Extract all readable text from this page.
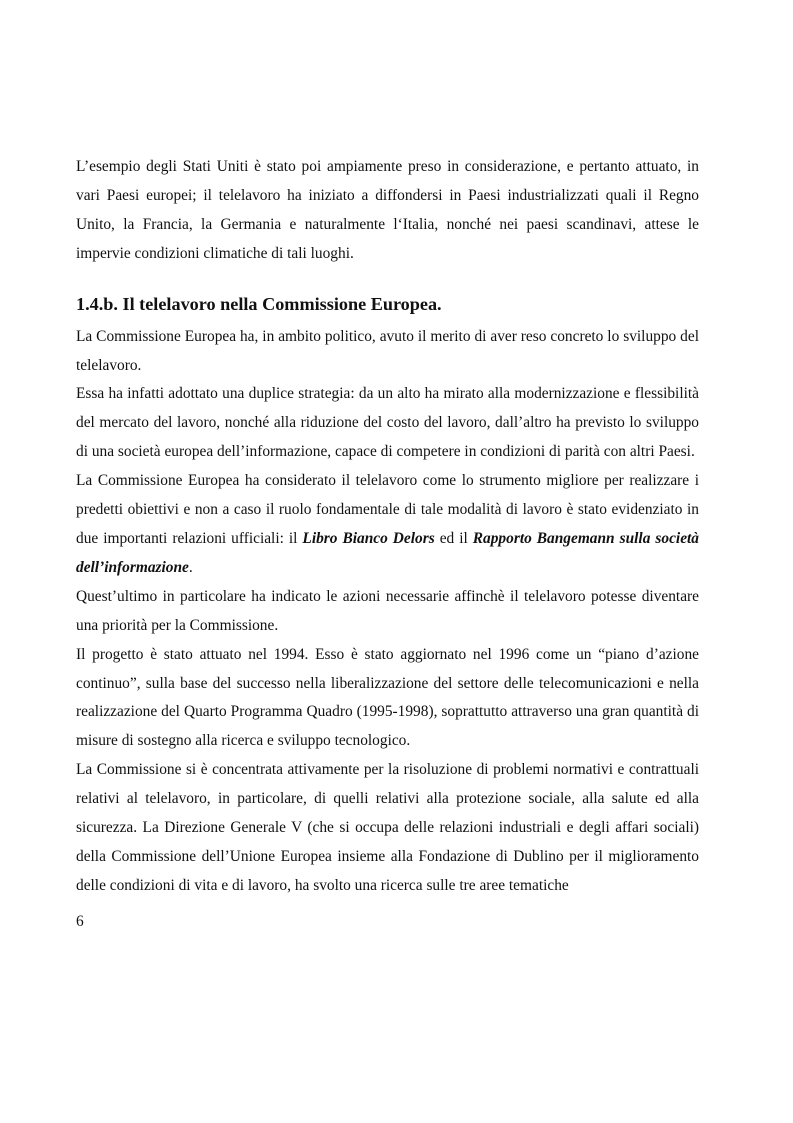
L’esempio degli Stati Uniti è stato poi ampiamente preso in considerazione, e pertanto attuato, in vari Paesi europei; il telelavoro ha iniziato a diffondersi in Paesi industrializzati quali il Regno Unito, la Francia, la Germania e naturalmente l‘Italia, nonché nei paesi scandinavi, attese le impervie condizioni climatiche di tali luoghi.

1.4.b. Il telelavoro nella Commissione Europea.

La Commissione Europea ha, in ambito politico, avuto il merito di aver reso concreto lo sviluppo del telelavoro.

Essa ha infatti adottato una duplice strategia: da un alto ha mirato alla modernizzazione e flessibilità del mercato del lavoro, nonché alla riduzione del costo del lavoro, dall’altro ha previsto lo sviluppo di una società europea dell’informazione, capace di competere in condizioni di parità con altri Paesi.

La Commissione Europea ha considerato il telelavoro come lo strumento migliore per realizzare i predetti obiettivi e non a caso il ruolo fondamentale di tale modalità di lavoro è stato evidenziato in due importanti relazioni ufficiali: il Libro Bianco Delors ed il Rapporto Bangemann sulla società dell’informazione.

Quest’ultimo in particolare ha indicato le azioni necessarie affinchè il telelavoro potesse diventare una priorità per la Commissione.

Il progetto è stato attuato nel 1994. Esso è stato aggiornato nel 1996 come un “piano d’azione continuo”, sulla base del successo nella liberalizzazione del settore delle telecomunicazioni e nella realizzazione del Quarto Programma Quadro (1995-1998), soprattutto attraverso una gran quantità di misure di sostegno alla ricerca e sviluppo tecnologico.

La Commissione si è concentrata attivamente per la risoluzione di problemi normativi e contrattuali relativi al telelavoro, in particolare, di quelli relativi alla protezione sociale, alla salute ed alla sicurezza. La Direzione Generale V (che si occupa delle relazioni industriali e degli affari sociali) della Commissione dell’Unione Europea insieme alla Fondazione di Dublino per il miglioramento delle condizioni di vita e di lavoro, ha svolto una ricerca sulle tre aree tematiche

6
